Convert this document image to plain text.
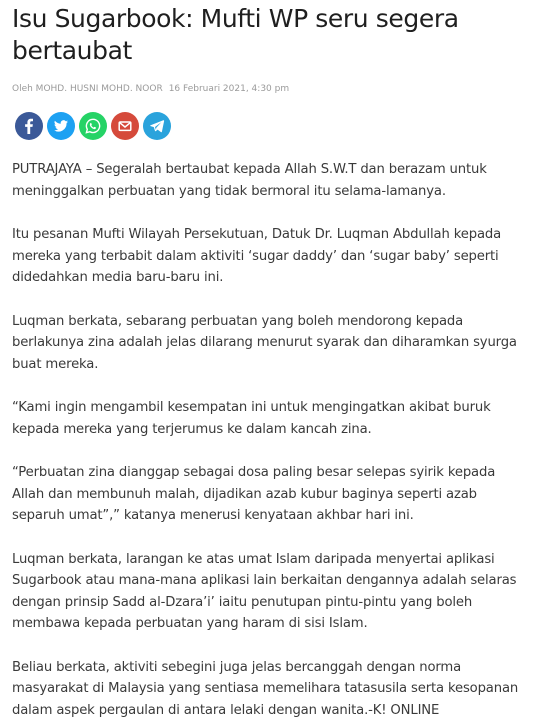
Isu Sugarbook: Mufti WP seru segera bertaubat
Oleh MOHD. HUSNI MOHD. NOOR 16 Februari 2021, 4:30 pm

PUTRAJAYA – Segeralah bertaubat kepada Allah S.W.T dan berazam untuk meninggalkan perbuatan yang tidak bermoral itu selama-lamanya.

Itu pesanan Mufti Wilayah Persekutuan, Datuk Dr. Luqman Abdullah kepada mereka yang terbabit dalam aktiviti ‘sugar daddy’ dan ‘sugar baby’ seperti didedahkan media baru-baru ini.

Luqman berkata, sebarang perbuatan yang boleh mendorong kepada berlakunya zina adalah jelas dilarang menurut syarak dan diharamkan syurga buat mereka.

“Kami ingin mengambil kesempatan ini untuk mengingatkan akibat buruk kepada mereka yang terjerumus ke dalam kancah zina.

“Perbuatan zina dianggap sebagai dosa paling besar selepas syirik kepada Allah dan membunuh malah, dijadikan azab kubur baginya seperti azab separuh umat”,” katanya menerusi kenyataan akhbar hari ini.

Luqman berkata, larangan ke atas umat Islam daripada menyertai aplikasi Sugarbook atau mana-mana aplikasi lain berkaitan dengannya adalah selaras dengan prinsip Sadd al-Dzara’i’ iaitu penutupan pintu-pintu yang boleh membawa kepada perbuatan yang haram di sisi Islam.

Beliau berkata, aktiviti sebegini juga jelas bercanggah dengan norma masyarakat di Malaysia yang sentiasa memelihara tatasusila serta kesopanan dalam aspek pergaulan di antara lelaki dengan wanita.-K! ONLINE
